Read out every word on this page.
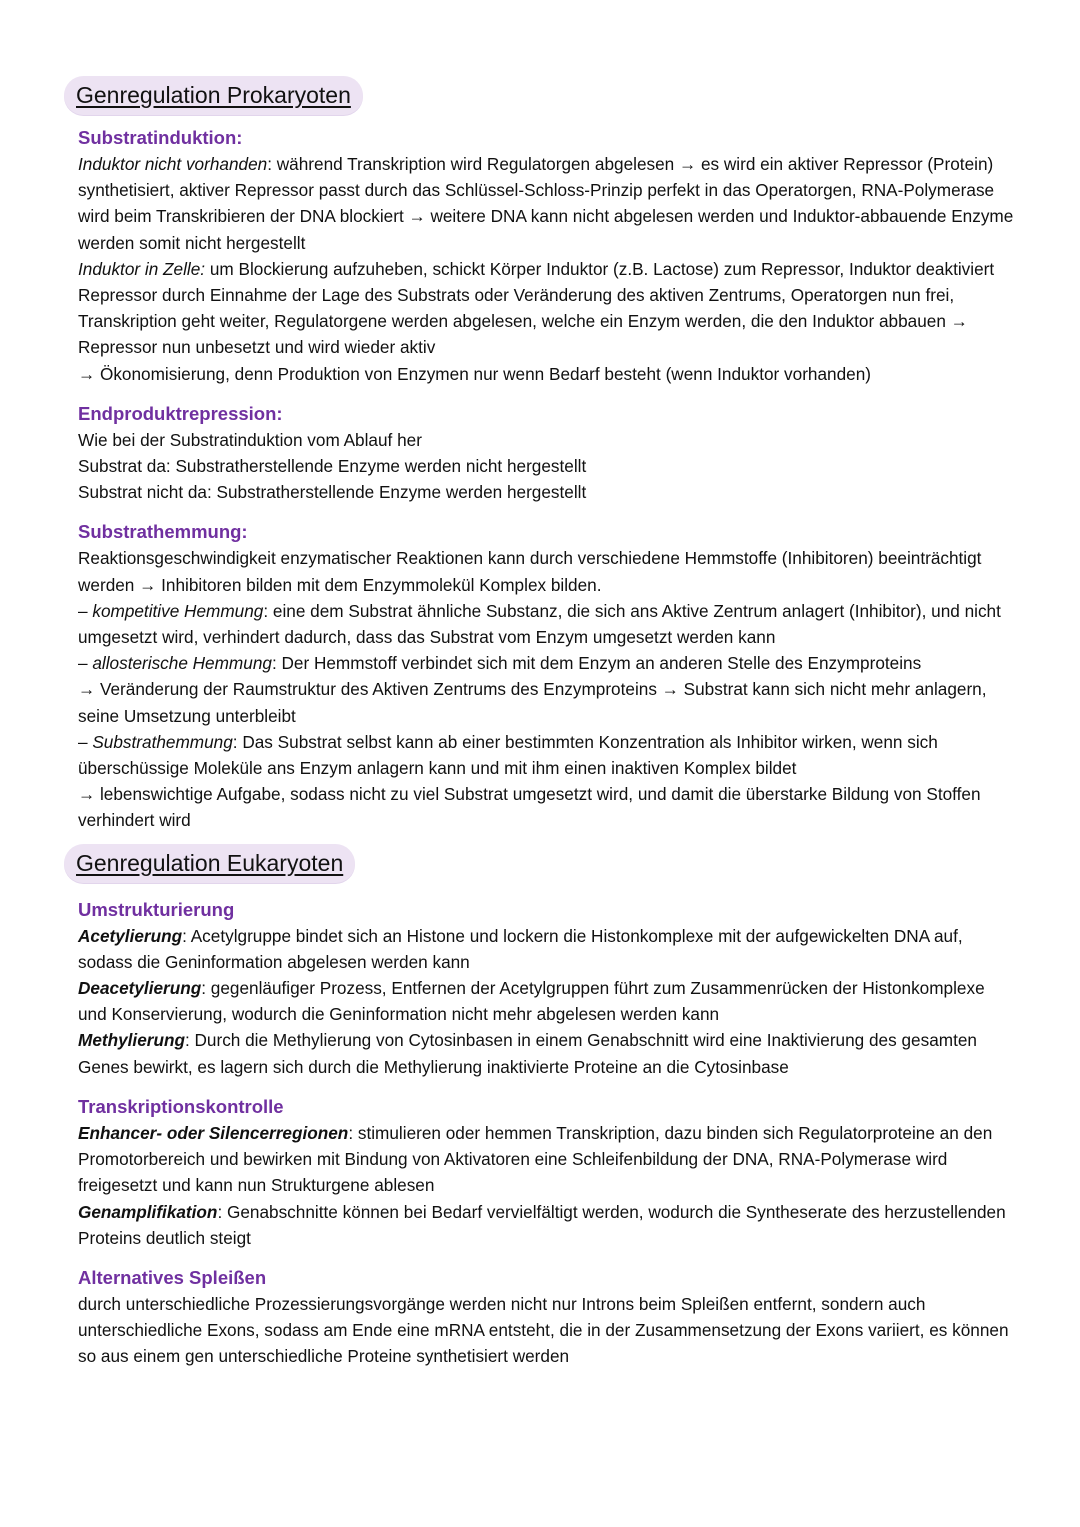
Genregulation Prokaryoten
Substratinduktion:

Induktor nicht vorhanden: während Transkription wird Regulatorgen abgelesen → es wird ein aktiver Repressor (Protein) synthetisiert, aktiver Repressor passt durch das Schlüssel-Schloss-Prinzip perfekt in das Operatorgen, RNA-Polymerase wird beim Transkribieren der DNA blockiert → weitere DNA kann nicht abgelesen werden und Induktor-abbauende Enzyme werden somit nicht hergestellt

Induktor in Zelle: um Blockierung aufzuheben, schickt Körper Induktor (z.B. Lactose) zum Repressor, Induktor deaktiviert Repressor durch Einnahme der Lage des Substrats oder Veränderung des aktiven Zentrums, Operatorgen nun frei, Transkription geht weiter, Regulatorgene werden abgelesen, welche ein Enzym werden, die den Induktor abbauen → Repressor nun unbesetzt und wird wieder aktiv

→ Ökonomisierung, denn Produktion von Enzymen nur wenn Bedarf besteht (wenn Induktor vorhanden)

Endproduktrepression:

Wie bei der Substratinduktion vom Ablauf her

Substrat da: Substratherstellende Enzyme werden nicht hergestellt

Substrat nicht da: Substratherstellende Enzyme werden hergestellt

Substrathemmung:

Reaktionsgeschwindigkeit enzymatischer Reaktionen kann durch verschiedene Hemmstoffe (Inhibitoren) beeinträchtigt werden → Inhibitoren bilden mit dem Enzymmolekül Komplex bilden.

– kompetitive Hemmung: eine dem Substrat ähnliche Substanz, die sich ans Aktive Zentrum anlagert (Inhibitor), und nicht umgesetzt wird, verhindert dadurch, dass das Substrat vom Enzym umgesetzt werden kann

– allosterische Hemmung: Der Hemmstoff verbindet sich mit dem Enzym an anderen Stelle des Enzymproteins

→ Veränderung der Raumstruktur des Aktiven Zentrums des Enzymproteins → Substrat kann sich nicht mehr anlagern, seine Umsetzung unterbleibt

– Substrathemmung: Das Substrat selbst kann ab einer bestimmten Konzentration als Inhibitor wirken, wenn sich überschüssige Moleküle ans Enzym anlagern kann und mit ihm einen inaktiven Komplex bildet

→ lebenswichtige Aufgabe, sodass nicht zu viel Substrat umgesetzt wird, und damit die überstarke Bildung von Stoffen verhindert wird

Genregulation Eukaryoten
Umstrukturierung

Acetylierung: Acetylgruppe bindet sich an Histone und lockern die Histonkomplexe mit der aufgewickelten DNA auf, sodass die Geninformation abgelesen werden kann

Deacetylierung: gegenläufiger Prozess, Entfernen der Acetylgruppen führt zum Zusammenrücken der Histonkomplexe und Konservierung, wodurch die Geninformation nicht mehr abgelesen werden kann

Methylierung: Durch die Methylierung von Cytosinbasen in einem Genabschnitt wird eine Inaktivierung des gesamten Genes bewirkt, es lagern sich durch die Methylierung inaktivierte Proteine an die Cytosinbase

Transkriptionskontrolle

Enhancer- oder Silencerregionen: stimulieren oder hemmen Transkription, dazu binden sich Regulatorproteine an den Promotorbereich und bewirken mit Bindung von Aktivatoren eine Schleifenbildung der DNA, RNA-Polymerase wird freigesetzt und kann nun Strukturgene ablesen

Genamplifikation: Genabschnitte können bei Bedarf vervielfältigt werden, wodurch die Syntheserate des herzustellenden Proteins deutlich steigt

Alternatives Spleißen

durch unterschiedliche Prozessierungsvorgänge werden nicht nur Introns beim Spleißen entfernt, sondern auch unterschiedliche Exons, sodass am Ende eine mRNA entsteht, die in der Zusammensetzung der Exons variiert, es können so aus einem gen unterschiedliche Proteine synthetisiert werden
